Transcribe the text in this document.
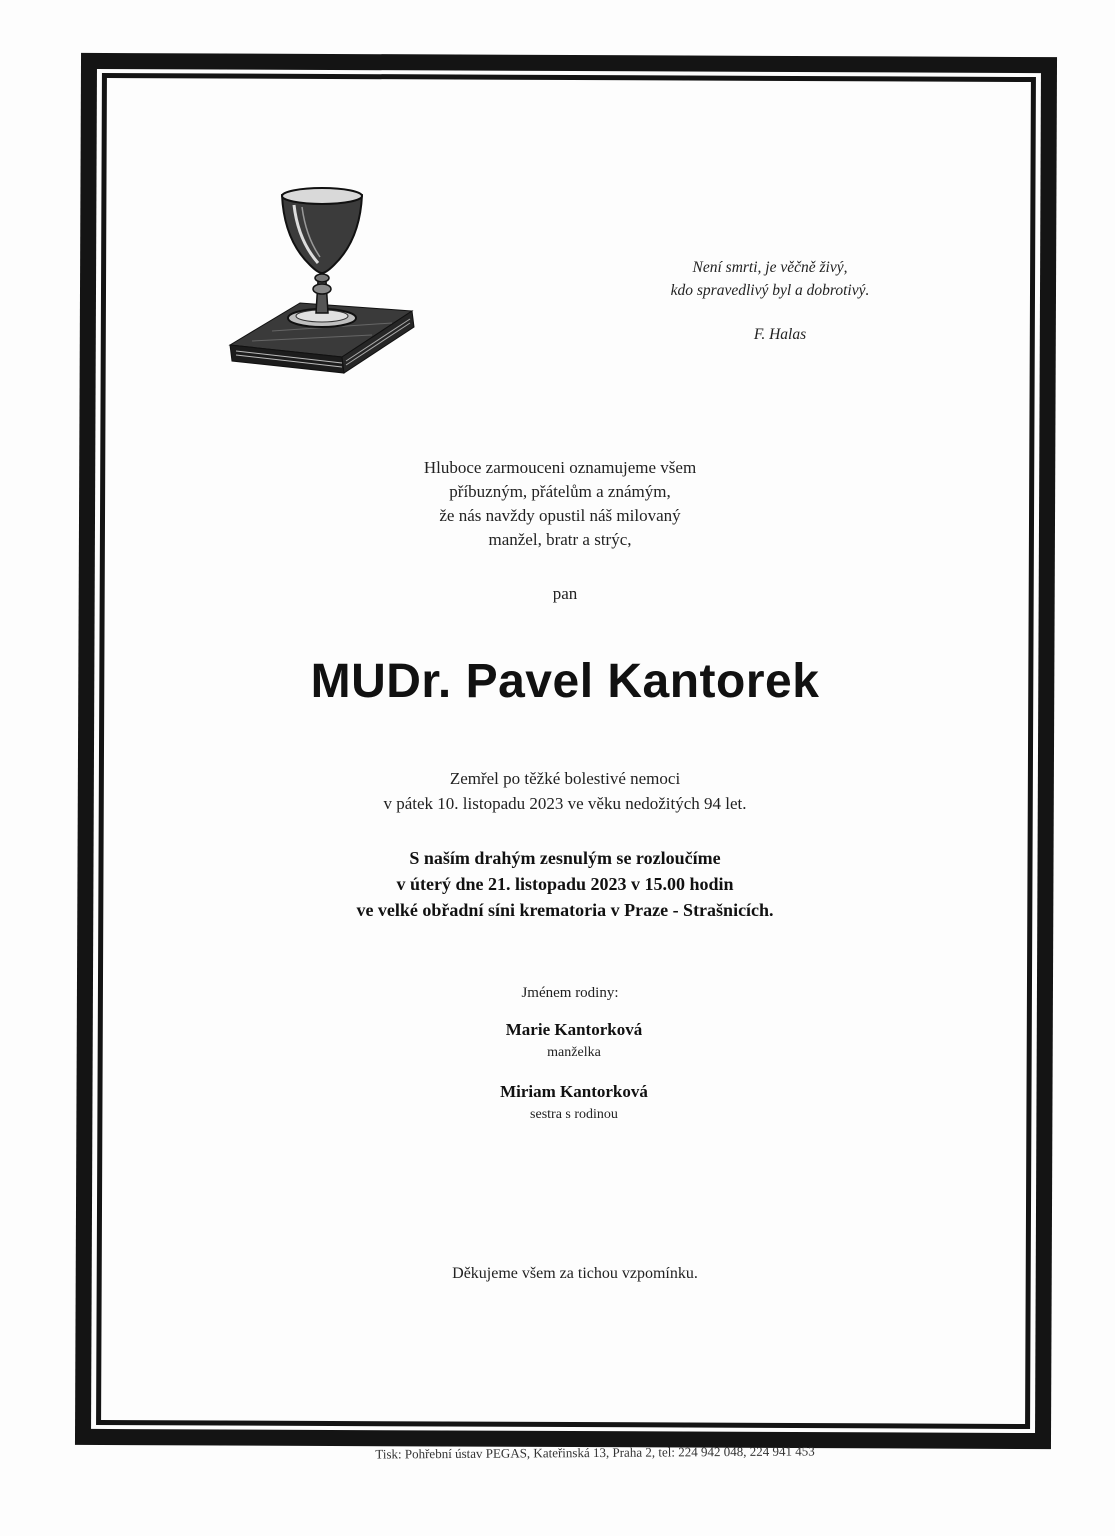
Není smrti, je věčně živý,
kdo spravedlivý byl a dobrotivý.
F. Halas
Hluboce zarmouceni oznamujeme všem
příbuzným, přátelům a známým,
že nás navždy opustil náš milovaný
manžel, bratr a strýc,
pan
MUDr. Pavel Kantorek
Zemřel po těžké bolestivé nemoci
v pátek 10. listopadu 2023 ve věku nedožitých 94 let.
S naším drahým zesnulým se rozloučíme
v úterý dne 21. listopadu 2023 v 15.00 hodin
ve velké obřadní síni krematoria v Praze - Strašnicích.
Jménem rodiny:
Marie Kantorková
manželka
Miriam Kantorková
sestra s rodinou
Děkujeme všem za tichou vzpomínku.
Tisk: Pohřební ústav PEGAS, Kateřinská 13, Praha 2, tel: 224 942 048, 224 941 453
